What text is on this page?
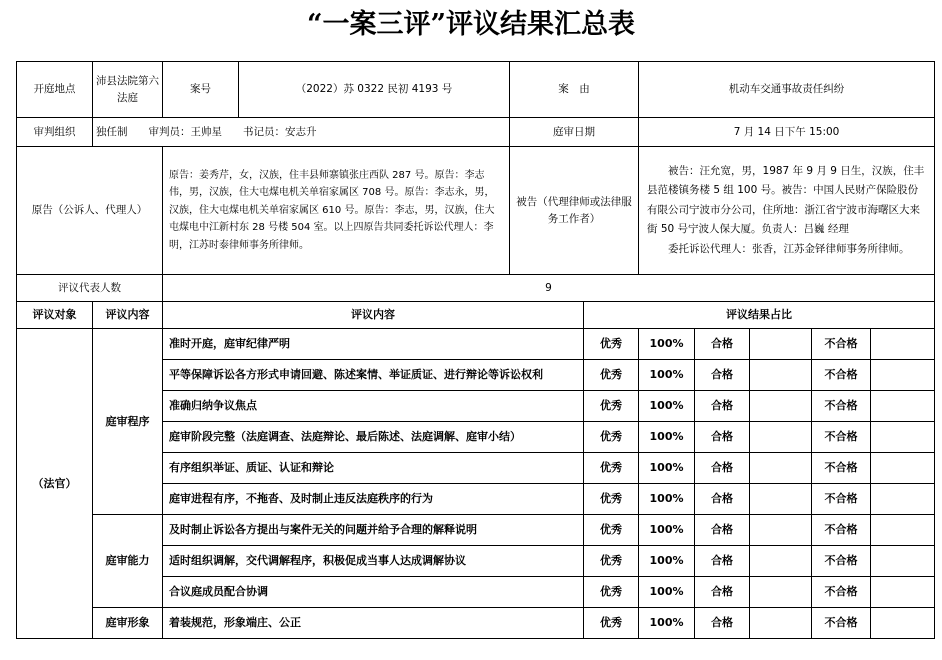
“一案三评”评议结果汇总表
开庭地点	沛县法院第六法庭	案号	（2022）苏 0322 民初 4193 号	案　由		机动车交通事故责任纠纷				
审判组织	独任制　　审判员：王帅星　　书记员：安志升			庭审日期		7 月 14 日下午 15:00				
原告（公诉人、代理人）		原告：姜秀芹，女，汉族，住丰县师寨镇张庄西队 287 号。原告：李志伟，男，汉族，住大屯煤电机关单宿家属区 708 号。原告：李志永，男，汉族，住大屯煤电机关单宿家属区 610 号。原告：李志，男，汉族，住大屯煤电中江新村东 28 号楼 504 室。以上四原告共同委托诉讼代理人：李明，江苏时泰律师事务所律师。		被告（代理律师或法律服务工作者）		被告：汪允宽，男，1987 年 9 月 9 日生，汉族，住丰县范楼镇务楼 5 组 100 号。被告：中国人民财产保险股份有限公司宁波市分公司，住所地：浙江省宁波市海曙区大来街 50 号宁波人保大厦。负责人：吕巍 经理
委托诉讼代理人：张香，江苏金铎律师事务所律师。				

评议代表人数		9								
评议对象	评议内容	评议内容			评议结果占比					
（法官）	庭审程序	准时开庭，庭审纪律严明			优秀	100%	合格		不合格	
		平等保障诉讼各方形式申请回避、陈述案情、举证质证、进行辩论等诉讼权利			优秀	100%	合格		不合格	
		准确归纳争议焦点			优秀	100%	合格		不合格	
		庭审阶段完整（法庭调查、法庭辩论、最后陈述、法庭调解、庭审小结）			优秀	100%	合格		不合格	
		有序组织举证、质证、认证和辩论			优秀	100%	合格		不合格	
		庭审进程有序，不拖沓、及时制止违反法庭秩序的行为			优秀	100%	合格		不合格	
	庭审能力	及时制止诉讼各方提出与案件无关的问题并给予合理的解释说明			优秀	100%	合格		不合格	
		适时组织调解，交代调解程序，积极促成当事人达成调解协议			优秀	100%	合格		不合格	
		合议庭成员配合协调			优秀	100%	合格		不合格	
	庭审形象	着装规范，形象端庄、公正			优秀	100%	合格		不合格	
